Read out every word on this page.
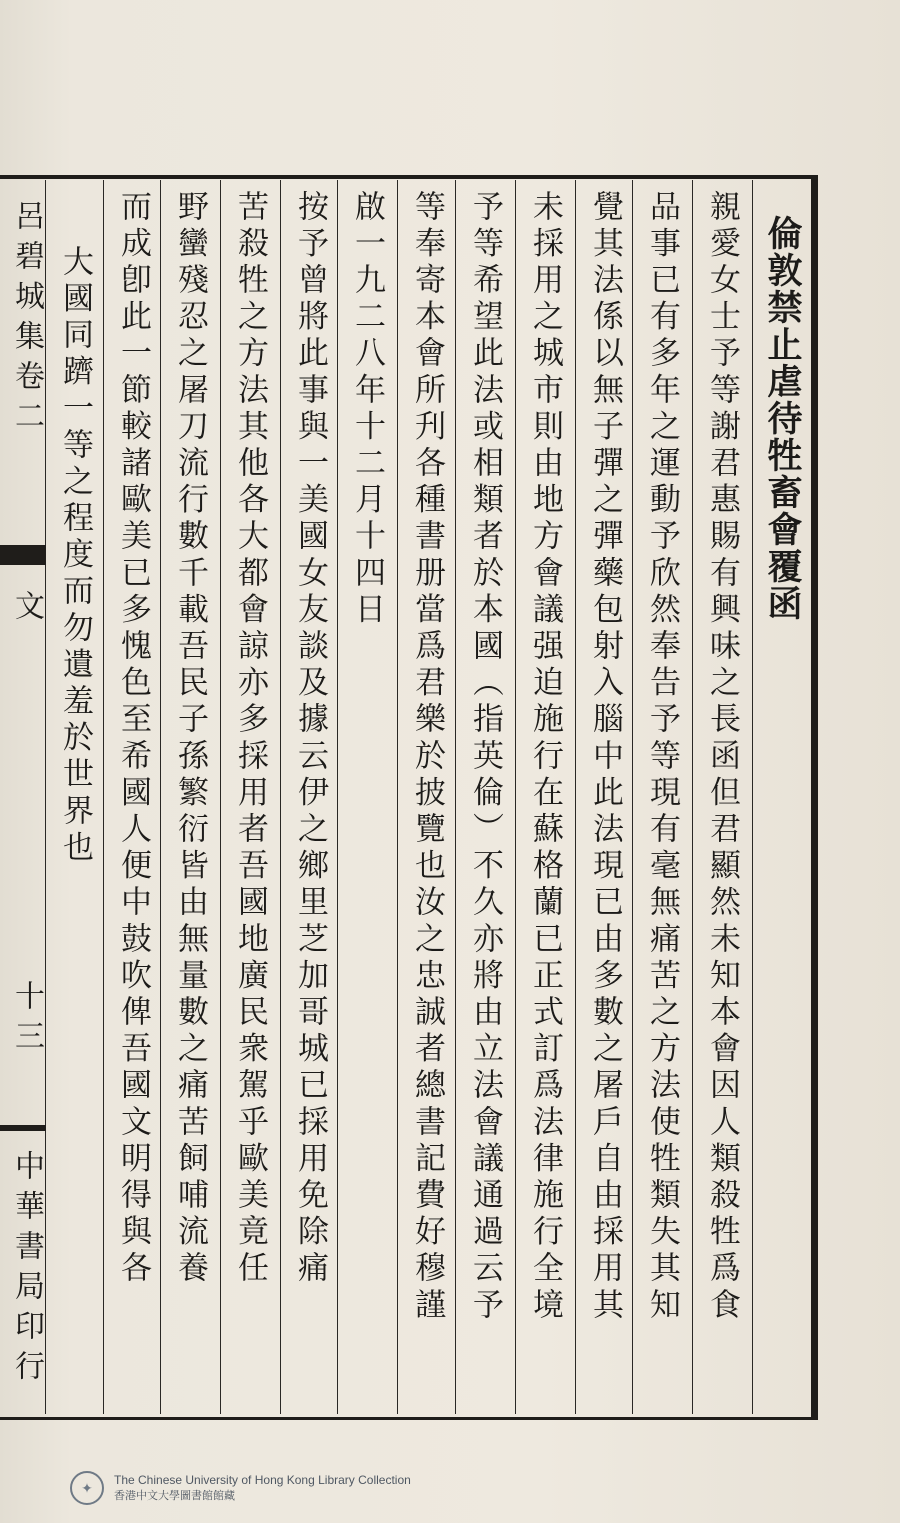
倫敦禁止虐待牲畜會覆函
親愛女士予等謝君惠賜有興味之長函但君顯然未知本會因人類殺牲爲食
品事已有多年之運動予欣然奉告予等現有毫無痛苦之方法使牲類失其知
覺其法係以無子彈之彈藥包射入腦中此法現已由多數之屠戶自由採用其
未採用之城市則由地方會議强迫施行在蘇格蘭已正式訂爲法律施行全境
予等希望此法或相類者於本國（指英倫）不久亦將由立法會議通過云予
等奉寄本會所刋各種書册當爲君樂於披覽也汝之忠誠者總書記費好穆謹
啟一九二八年十二月十四日
按予曾將此事與一美國女友談及據云伊之鄉里芝加哥城已採用免除痛
苦殺牲之方法其他各大都會諒亦多採用者吾國地廣民衆駕乎歐美竟任
野蠻殘忍之屠刀流行數千載吾民子孫繁衍皆由無量數之痛苦飼哺流養
而成卽此一節較諸歐美已多愧色至希國人便中鼓吹俾吾國文明得與各
大國同躋一等之程度而勿遺羞於世界也
呂碧城集卷二
文
十三
中華書局印行
✦	The Chinese University of Hong Kong Library Collection
香港中文大學圖書館館藏
